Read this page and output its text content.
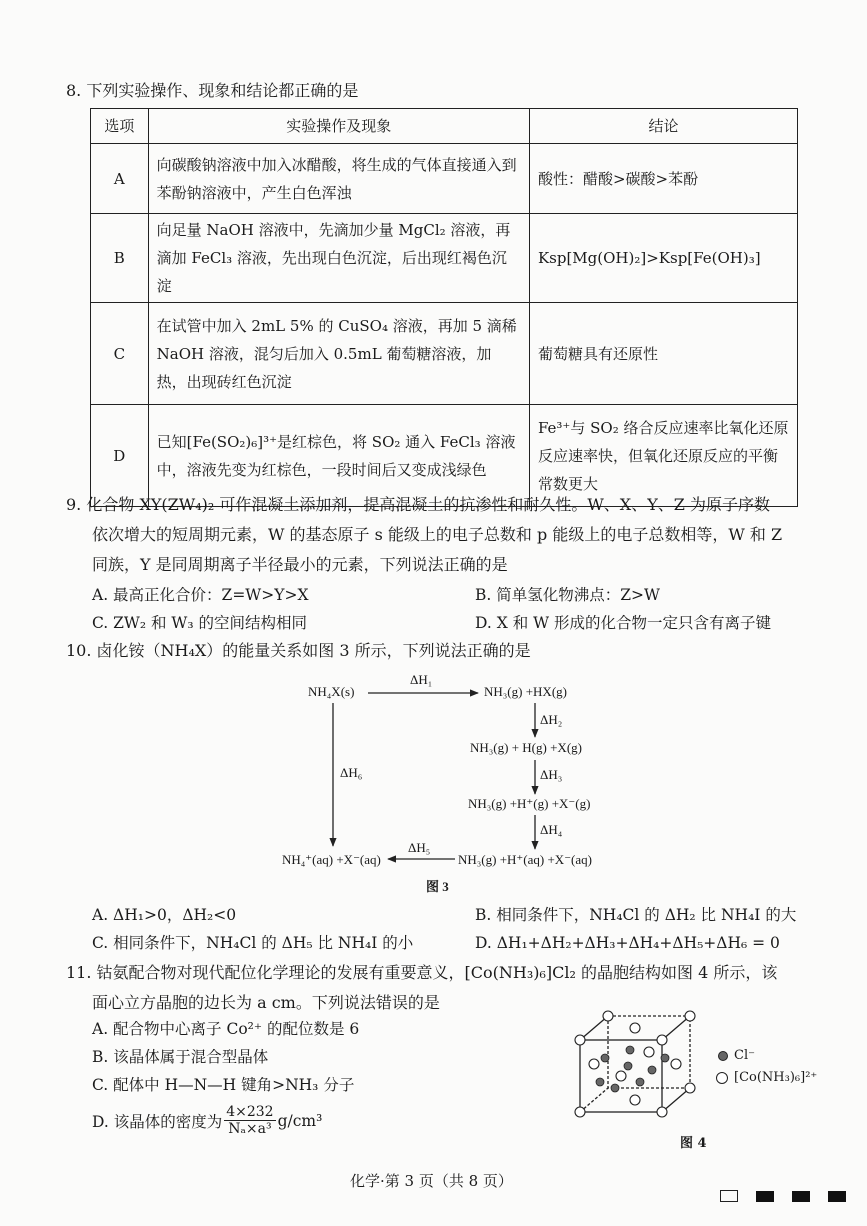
8. 下列实验操作、现象和结论都正确的是
选项	实验操作及现象	结论
A	向碳酸钠溶液中加入冰醋酸，将生成的气体直接通入到苯酚钠溶液中，产生白色浑浊	酸性：醋酸>碳酸>苯酚
B	向足量 NaOH 溶液中，先滴加少量 MgCl₂ 溶液，再滴加 FeCl₃ 溶液，先出现白色沉淀，后出现红褐色沉淀	Ksp[Mg(OH)₂]>Ksp[Fe(OH)₃]
C	在试管中加入 2mL 5% 的 CuSO₄ 溶液，再加 5 滴稀 NaOH 溶液，混匀后加入 0.5mL 葡萄糖溶液，加热，出现砖红色沉淀	葡萄糖具有还原性
D	已知[Fe(SO₂)₆]³⁺是红棕色，将 SO₂ 通入 FeCl₃ 溶液中，溶液先变为红棕色，一段时间后又变成浅绿色	Fe³⁺与 SO₂ 络合反应速率比氧化还原反应速率快，但氧化还原反应的平衡常数更大
9. 化合物 XY(ZW₄)₂ 可作混凝土添加剂，提高混凝土的抗渗性和耐久性。W、X、Y、Z 为原子序数
依次增大的短周期元素，W 的基态原子 s 能级上的电子总数和 p 能级上的电子总数相等，W 和 Z
同族，Y 是同周期离子半径最小的元素，下列说法正确的是
A. 最高正化合价：Z=W>Y>X	B. 简单氢化物沸点：Z>W
C. ZW₂ 和 W₃ 的空间结构相同	D. X 和 W 形成的化合物一定只含有离子键
10. 卤化铵（NH₄X）的能量关系如图 3 所示，下列说法正确的是
NH₄X(s)	NH₃(g) +HX(g)
NH₃(g) + H(g) +X(g)
NH₃(g) +H⁺(g) +X⁻(g)
NH₃(g) +H⁺(aq) +X⁻(aq)
NH₄⁺(aq) +X⁻(aq)
ΔH₁
ΔH₂
ΔH₃
ΔH₄
ΔH₅
ΔH₆
图 3
A. ΔH₁>0，ΔH₂<0	B. 相同条件下，NH₄Cl 的 ΔH₂ 比 NH₄I 的大
C. 相同条件下，NH₄Cl 的 ΔH₅ 比 NH₄I 的小	D. ΔH₁+ΔH₂+ΔH₃+ΔH₄+ΔH₅+ΔH₆ = 0
11. 钴氨配合物对现代配位化学理论的发展有重要意义，[Co(NH₃)₆]Cl₂ 的晶胞结构如图 4 所示，该
面心立方晶胞的边长为 a cm。下列说法错误的是
A. 配合物中心离子 Co²⁺ 的配位数是 6
B. 该晶体属于混合型晶体
C. 配体中 H—N—H 键角>NH₃ 分子
D. 该晶体的密度为 $\frac{4\times 232}{\text{Nₐ×a³}} g/cm^3$
Cl⁻
[Co(NH₃)₆]²⁺
图 4
化学·第 3 页（共 8 页）
